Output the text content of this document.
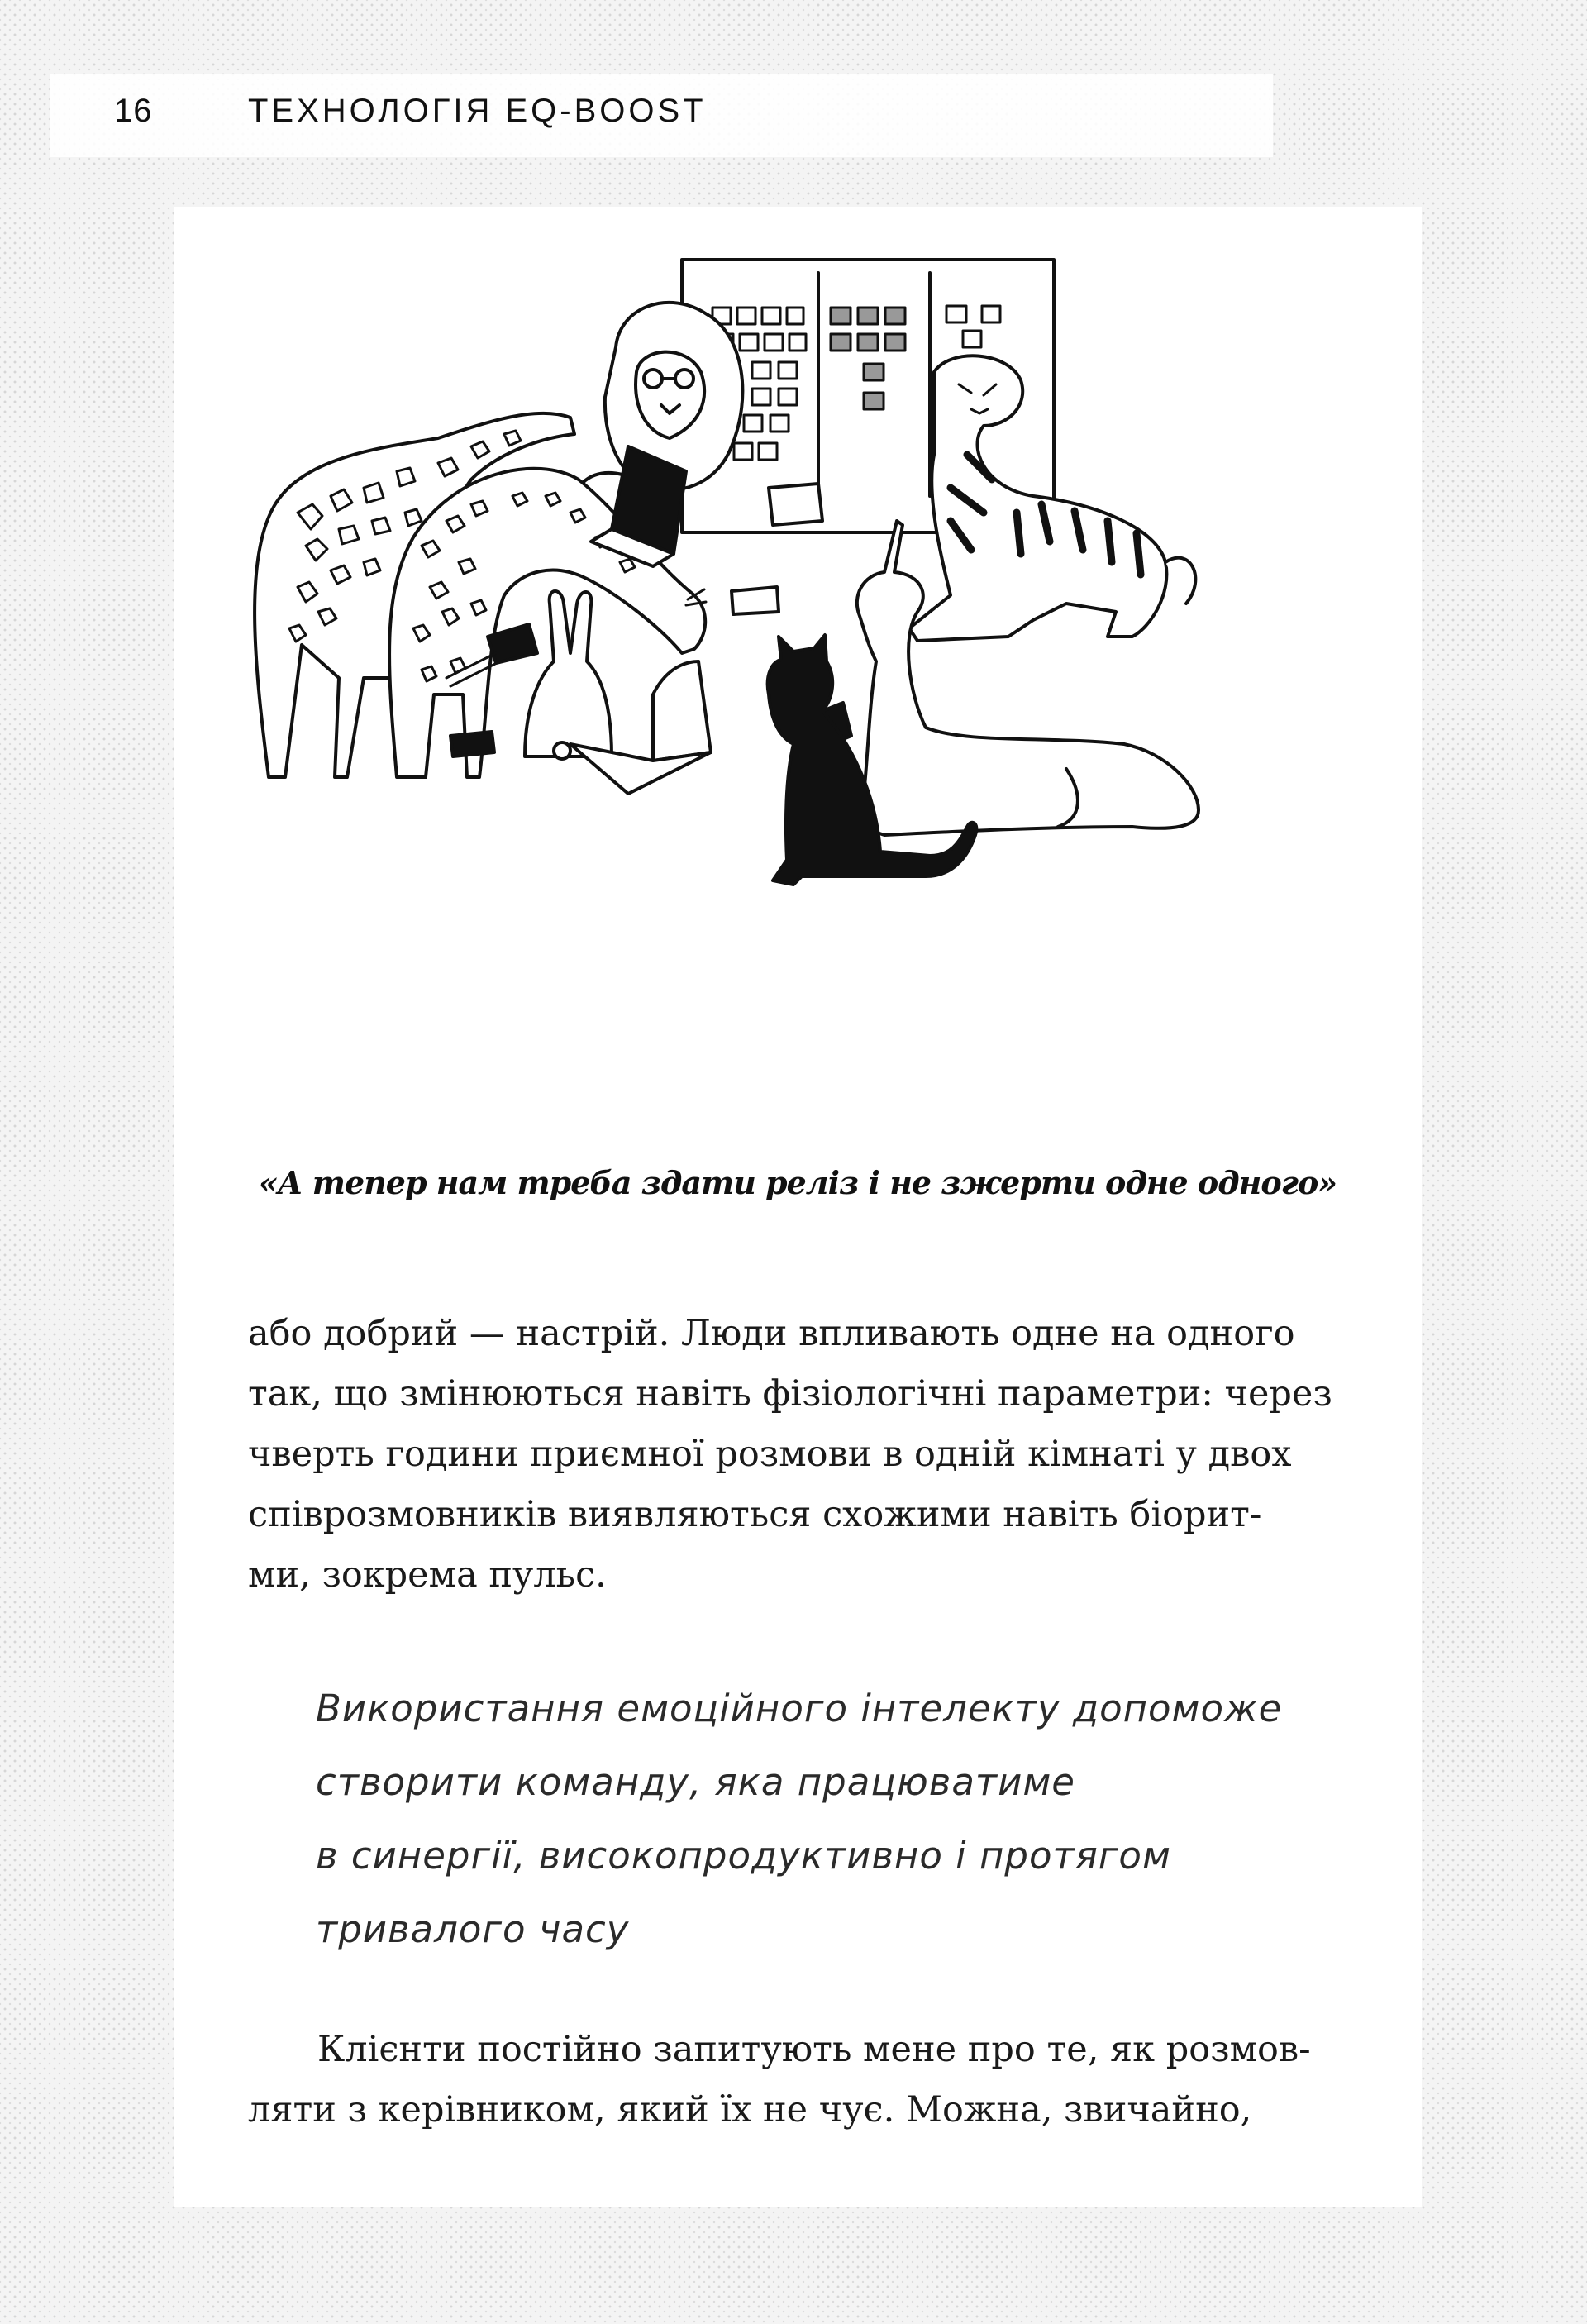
16	ТЕХНОЛОГІЯ EQ-BOOST
«А тепер нам треба здати реліз і не зжерти одне одного»
або добрий — настрій. Люди впливають одне на одного
так, що змінюються навіть фізіологічні параметри: через
чверть години приємної розмови в одній кімнаті у двох
співрозмовників виявляються схожими навіть біорит-
ми, зокрема пульс.
Використання емоційного інтелекту допоможе
створити команду, яка працюватиме
в синергії, високопродуктивно і протягом
тривалого часу
Клієнти постійно запитують мене про те, як розмов-
ляти з керівником, який їх не чує. Можна, звичайно,
